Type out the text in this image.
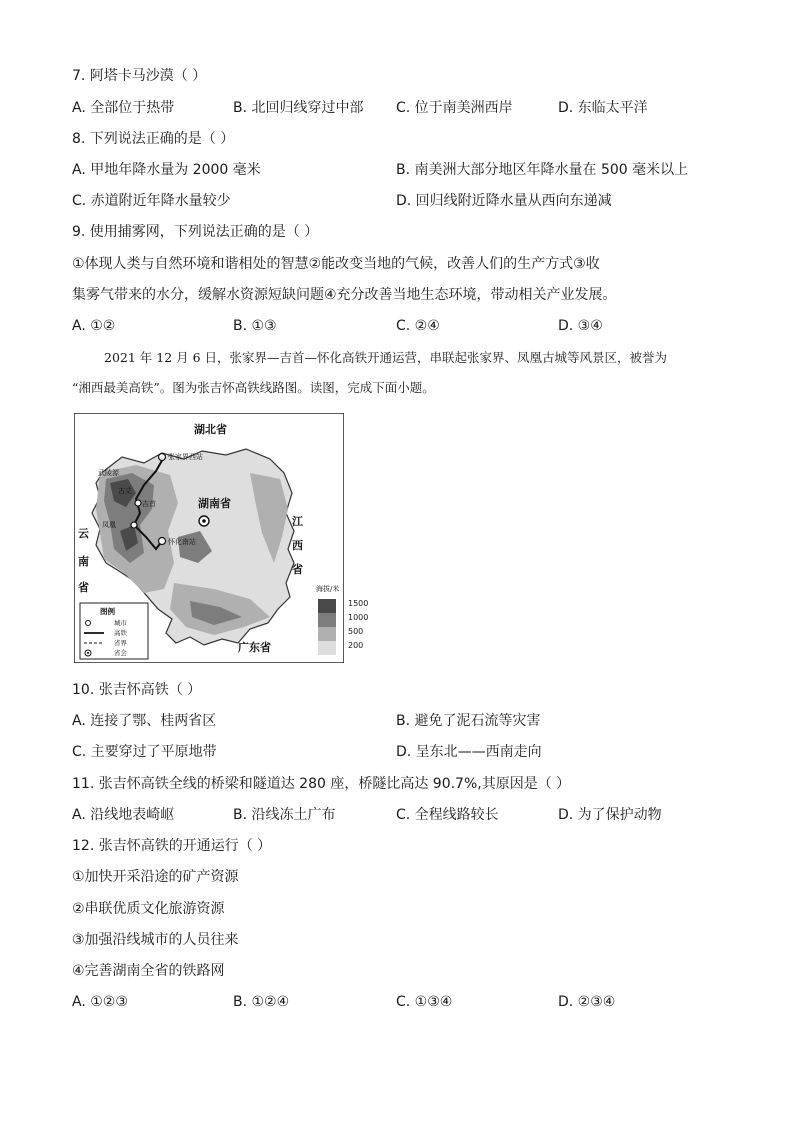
7. 阿塔卡马沙漠（ ）
A. 全部位于热带	B. 北回归线穿过中部 C. 位于南美洲西岸	D. 东临太平洋
8. 下列说法正确的是（ ）
A. 甲地年降水量为 2000 毫米	B. 南美洲大部分地区年降水量在 500 毫米以上
C. 赤道附近年降水量较少	D. 回归线附近降水量从西向东递减
9. 使用捕雾网，下列说法正确的是（ ）
①体现人类与自然环境和谐相处的智慧②能改变当地的气候，改善人们的生产方式③收
集雾气带来的水分，缓解水资源短缺问题④充分改善当地生态环境，带动相关产业发展。
A. ①②	B. ①③	C. ②④	D. ③④
2021 年 12 月 6 日，张家界—吉首—怀化高铁开通运营，串联起张家界、凤凰古城等风景区，被誉为
“湘西最美高铁”。图为张吉怀高铁线路图。读图，完成下面小题。
湖北省
湖南省
江
西
省
云
南
省
广东省
张家界西站
武陵源
古丈
吉首
凤凰
怀化南站
图例
城市
高铁
省界
省会
海拔/米
1500
1000
500
200
10. 张吉怀高铁（ ）
A. 连接了鄂、桂两省区	B. 避免了泥石流等灾害
C. 主要穿过了平原地带	D. 呈东北——西南走向
11. 张吉怀高铁全线的桥梁和隧道达 280 座，桥隧比高达 90.7%,其原因是（ ）
A. 沿线地表崎岖	B. 沿线冻土广布	C. 全程线路较长	D. 为了保护动物
12. 张吉怀高铁的开通运行（ ）
①加快开采沿途的矿产资源
②串联优质文化旅游资源
③加强沿线城市的人员往来
④完善湖南全省的铁路网
A. ①②③	B. ①②④	C. ①③④	D. ②③④
